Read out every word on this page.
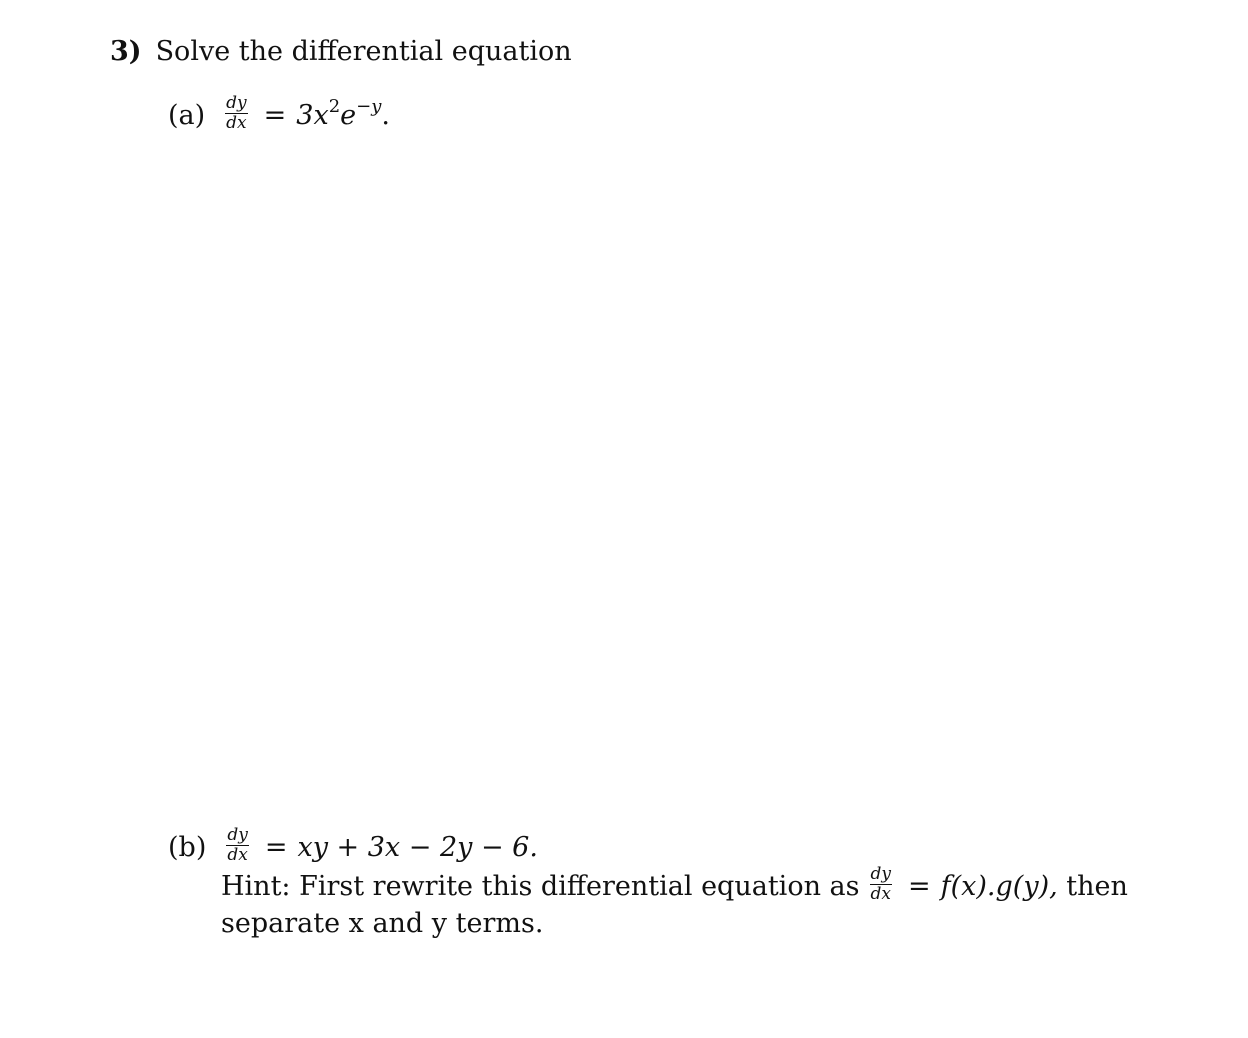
3) Solve the differential equation
$(a) \frac{dy}{dx} = 3x^2e^{-y}$.
$(b) \frac{dy}{dx}$ = xy + 3x − 2y − 6.
Hint: First rewrite this differential equation as $\frac{dy}{dx} = f(x).g(y)$, then
separate x and y terms.
